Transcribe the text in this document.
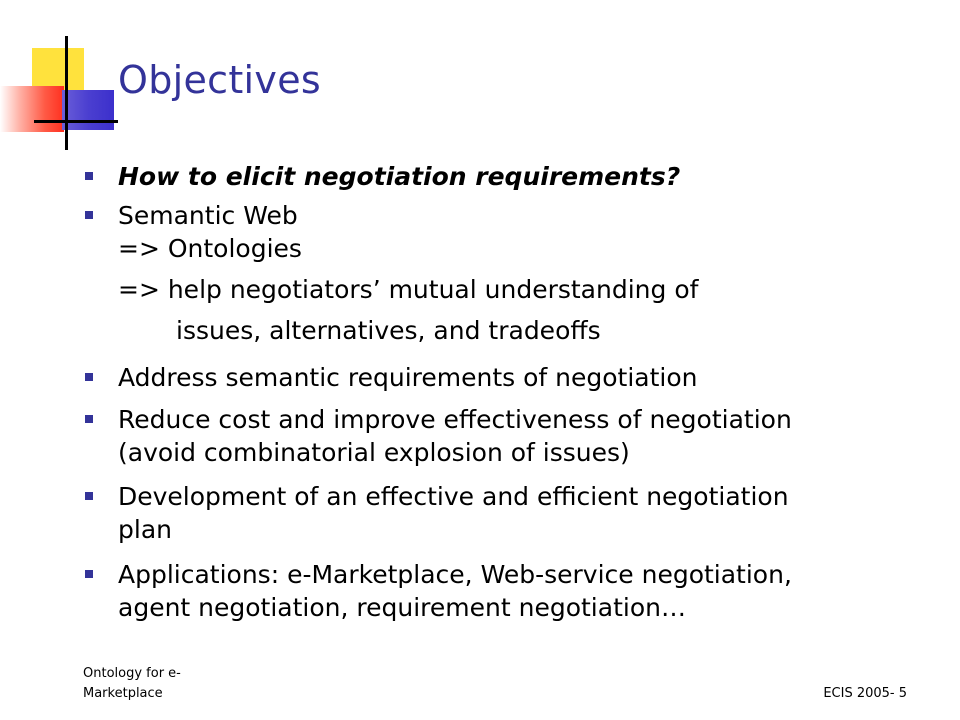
Objectives
How to elicit negotiation requirements?
Semantic Web
=> Ontologies
=> help negotiators’ mutual understanding of
issues, alternatives, and tradeoffs
Address semantic requirements of negotiation
Reduce cost and improve effectiveness of negotiation
(avoid combinatorial explosion of issues)
Development of an effective and efficient negotiation
plan
Applications: e-Marketplace, Web-service negotiation,
agent negotiation, requirement negotiation…
Ontology for e-
Marketplace	ECIS 2005- 5
